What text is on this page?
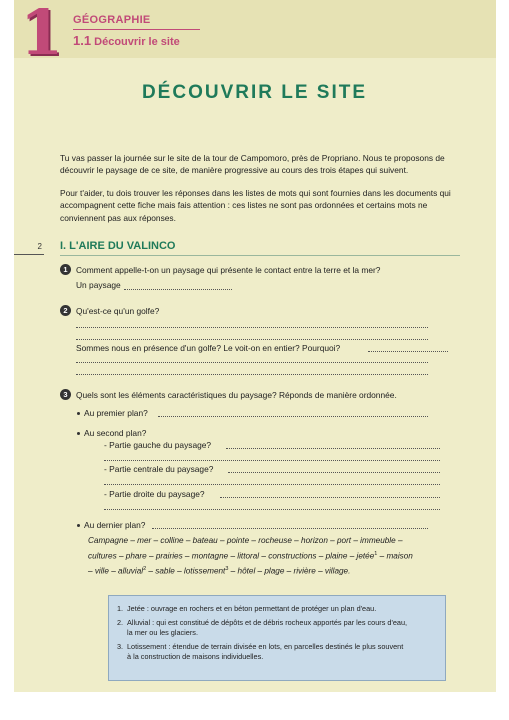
1 GÉOGRAPHIE
1.1 Découvrir le site
DÉCOUVRIR LE SITE
Tu vas passer la journée sur le site de la tour de Campomoro, près de Propriano. Nous te proposons de découvrir le paysage de ce site, de manière progressive au cours des trois étapes qui suivent.
Pour t'aider, tu dois trouver les réponses dans les listes de mots qui sont fournies dans les documents qui accompagnent cette fiche mais fais attention : ces listes ne sont pas ordonnées et certains mots ne conviennent pas aux réponses.
2 I. L'AIRE DU VALINCO
1	Comment appelle-t-on un paysage qui présente le contact entre la terre et la mer?
Un paysage
2	Qu'est-ce qu'un golfe?
Sommes nous en présence d'un golfe? Le voit-on en entier? Pourquoi?
3	Quels sont les éléments caractéristiques du paysage? Réponds de manière ordonnée.
Au premier plan?
Au second plan?
- Partie gauche du paysage?
- Partie centrale du paysage?
- Partie droite du paysage?
Au dernier plan?
Campagne – mer – colline – bateau – pointe – rocheuse – horizon – port – immeuble –
cultures – phare – prairies – montagne – littoral – constructions – plaine – jetée$^1$ – maison
– ville – alluvial$^2$ – sable – lotissement$^3$ – hôtel – plage – rivière – village.
1. Jetée : ouvrage en rochers et en béton permettant de protéger un plan d'eau.
2. Alluvial : qui est constitué de dépôts et de débris rocheux apportés par les cours d'eau,
la mer ou les glaciers.
3. Lotissement : étendue de terrain divisée en lots, en parcelles destinés le plus souvent
à la construction de maisons individuelles.
